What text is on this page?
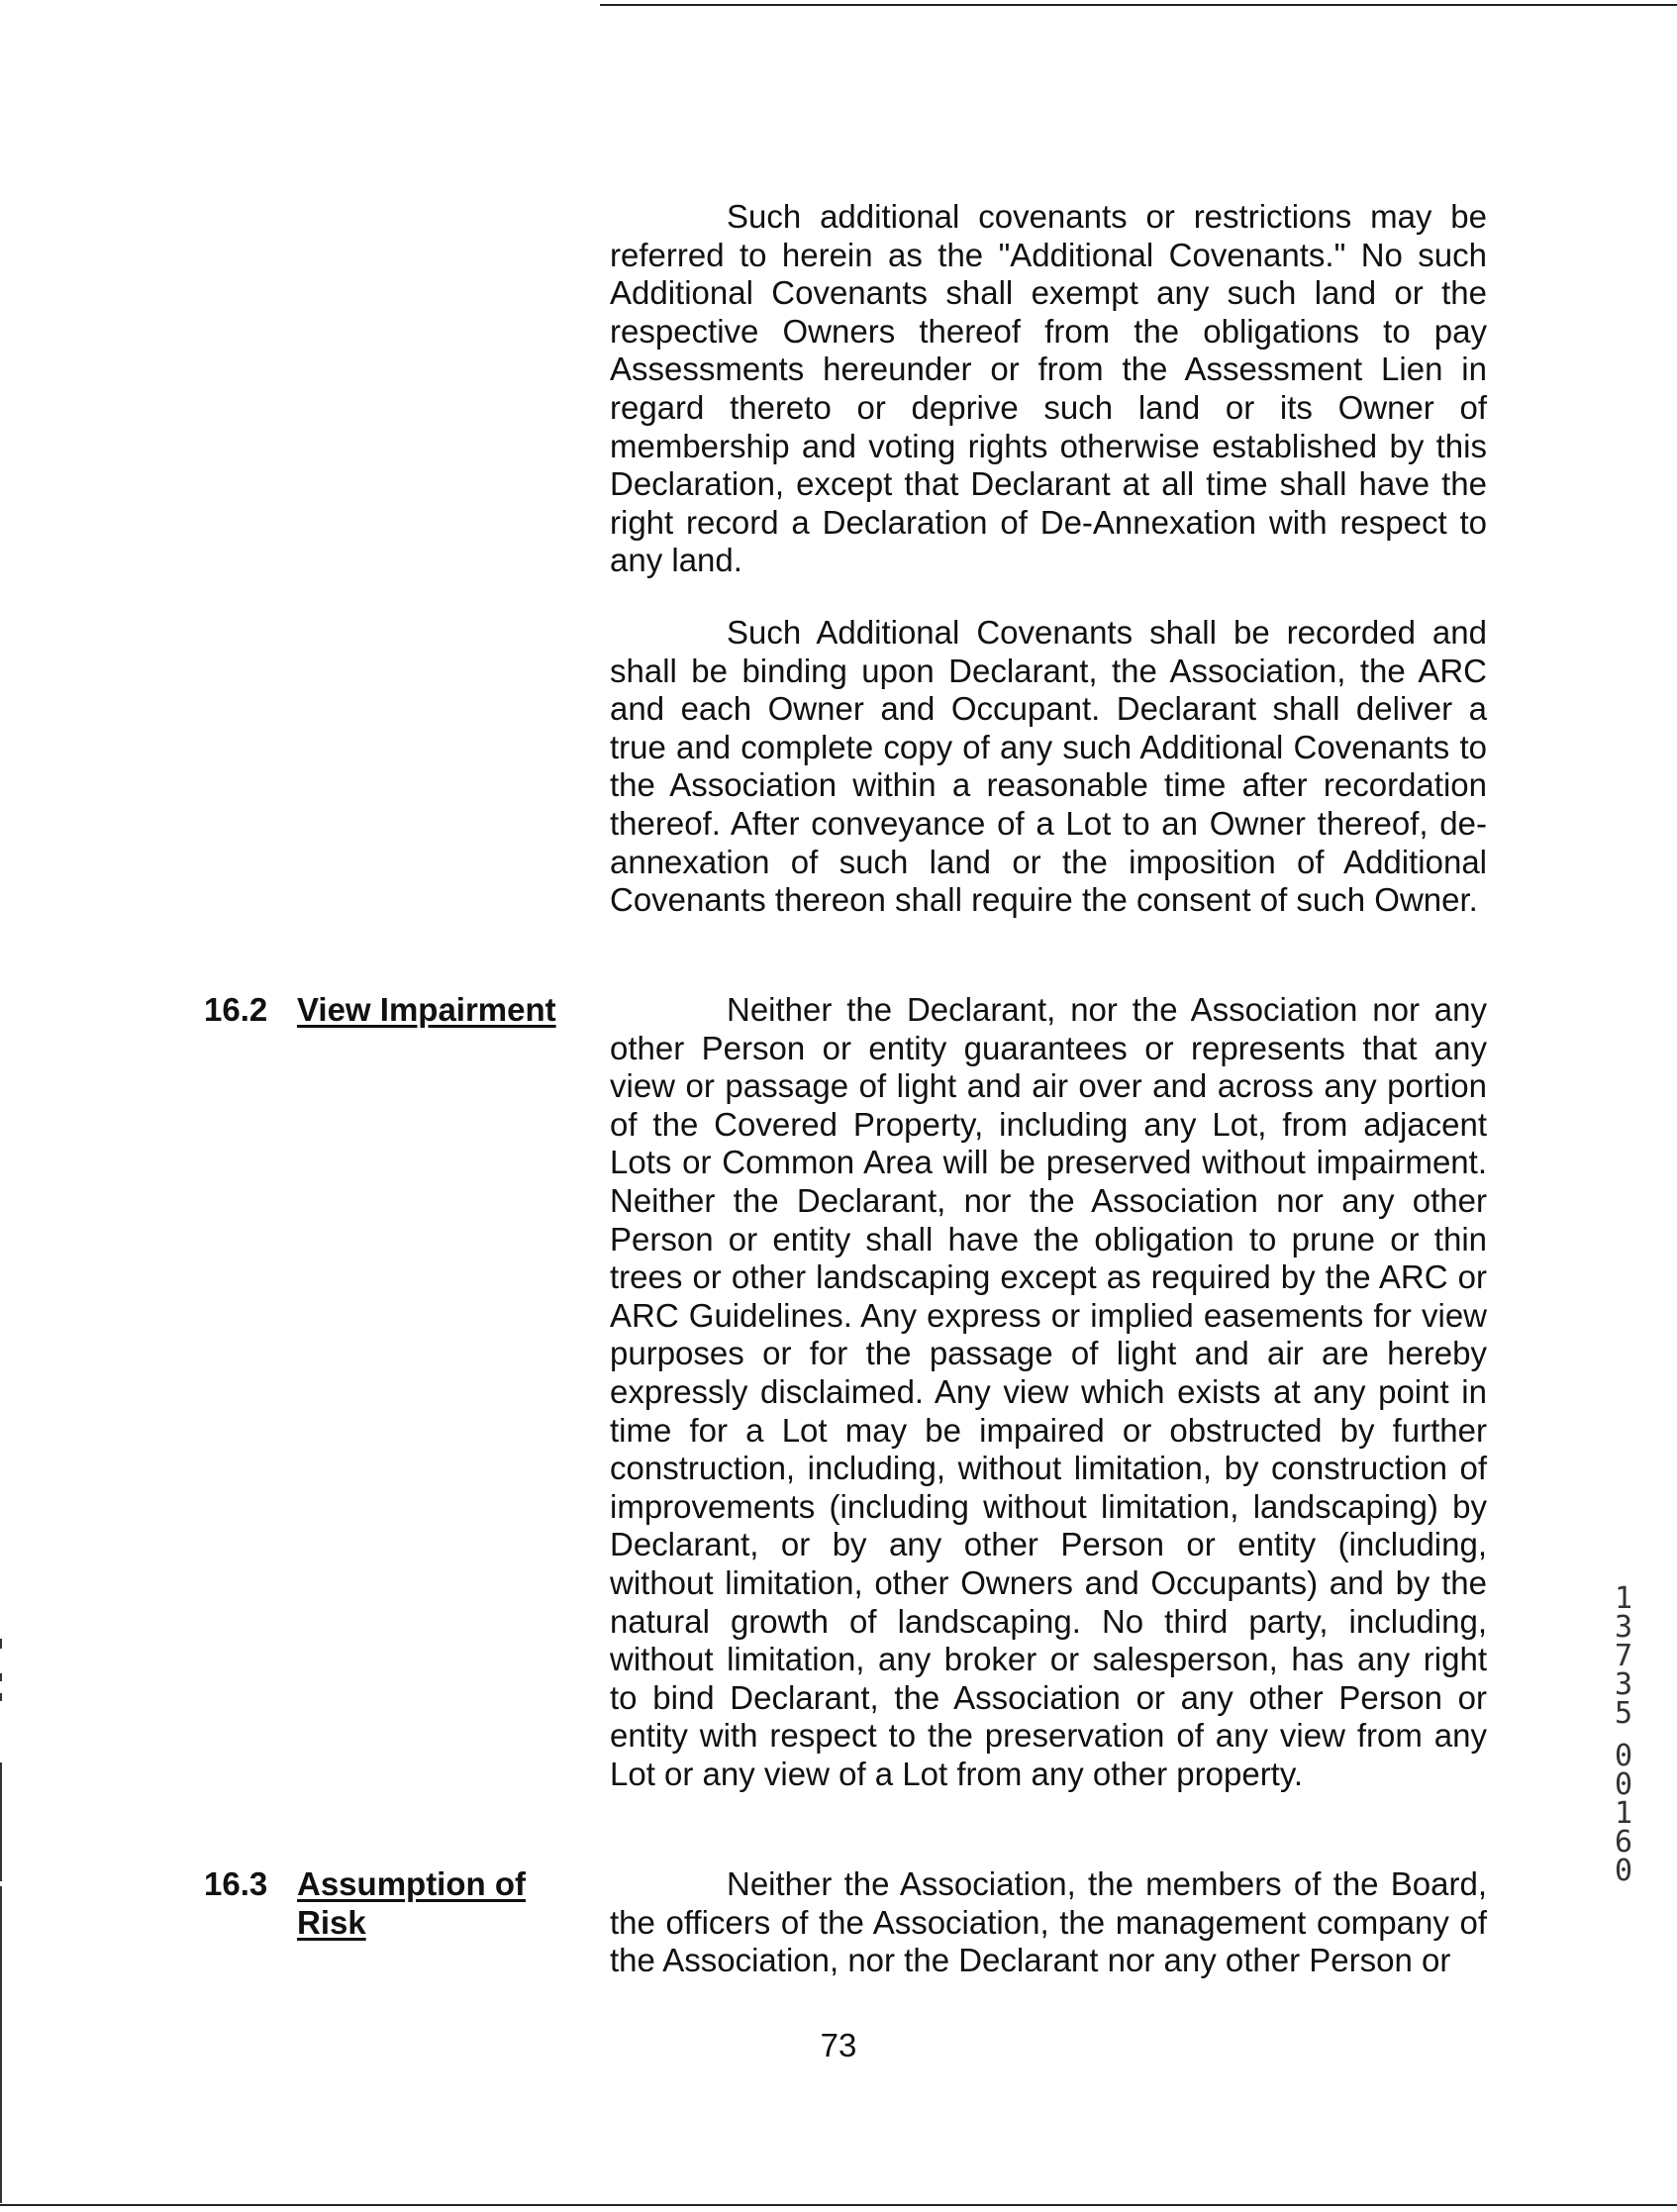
Such additional covenants or restrictions may be referred to herein as the "Additional Covenants." No such Additional Covenants shall exempt any such land or the respective Owners thereof from the obligations to pay Assessments hereunder or from the Assessment Lien in regard thereto or deprive such land or its Owner of membership and voting rights otherwise established by this Declaration, except that Declarant at all time shall have the right record a Declaration of De-Annexation with respect to any land.

Such Additional Covenants shall be recorded and shall be binding upon Declarant, the Association, the ARC and each Owner and Occupant. Declarant shall deliver a true and complete copy of any such Additional Covenants to the Association within a reasonable time after recordation thereof. After conveyance of a Lot to an Owner thereof, de-annexation of such land or the imposition of Additional Covenants thereon shall require the consent of such Owner.

16.2 View Impairment	Neither the Declarant, nor the Association nor any other Person or entity guarantees or represents that any view or passage of light and air over and across any portion of the Covered Property, including any Lot, from adjacent Lots or Common Area will be preserved without impairment. Neither the Declarant, nor the Association nor any other Person or entity shall have the obligation to prune or thin trees or other landscaping except as required by the ARC or ARC Guidelines. Any express or implied easements for view purposes or for the passage of light and air are hereby expressly disclaimed. Any view which exists at any point in time for a Lot may be impaired or obstructed by further construction, including, without limitation, by construction of improvements (including without limitation, landscaping) by Declarant, or by any other Person or entity (including, without limitation, other Owners and Occupants) and by the natural growth of landscaping. No third party, including, without limitation, any broker or salesperson, has any right to bind Declarant, the Association or any other Person or entity with respect to the preservation of any view from any Lot or any view of a Lot from any other property.

16.3 Assumption of
Risk

Neither the Association, the members of the Board, the officers of the Association, the management company of the Association, nor the Declarant nor any other Person or

73
1
3
7
3
5
0
0
1
6
0
